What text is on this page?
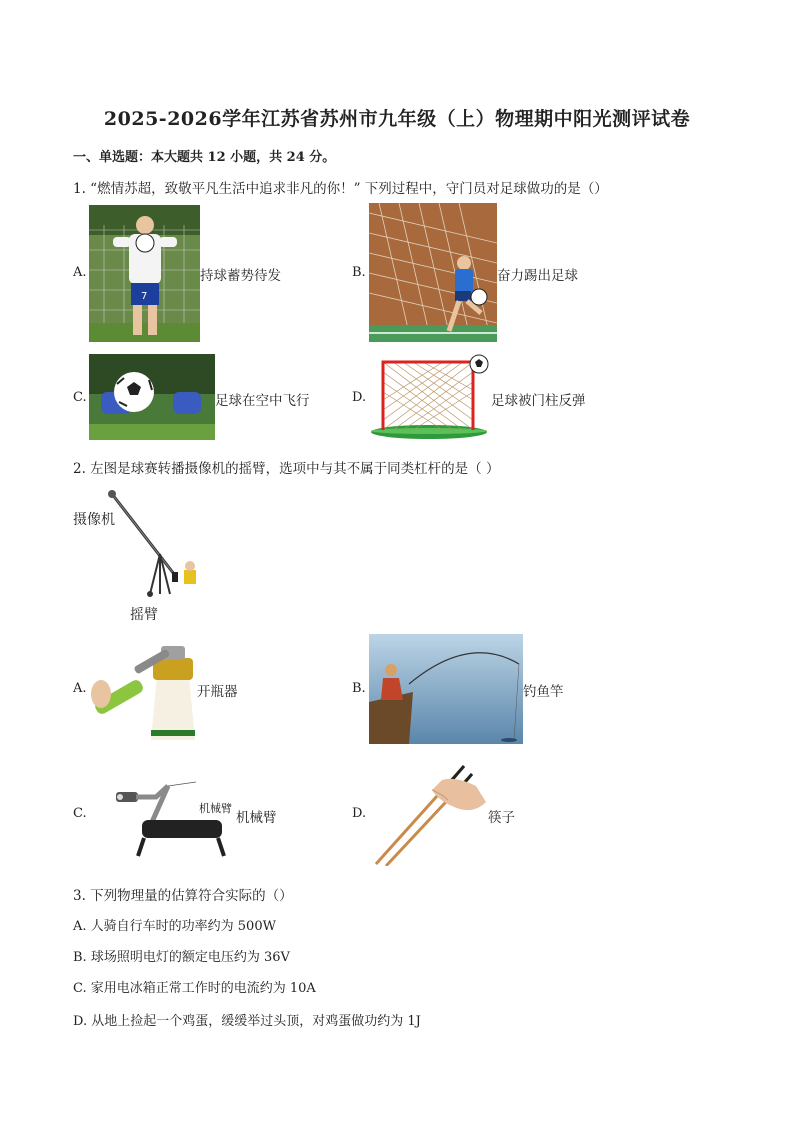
2025-2026学年江苏省苏州市九年级（上）物理期中阳光测评试卷
一、单选题：本大题共 12 小题，共 24 分。
1. “燃情苏超，致敬平凡生活中追求非凡的你！” 下列过程中，守门员对足球做功的是（）
A.
7
持球蓄势待发	B.	奋力踢出足球
C.	足球在空中飞行	D.	足球被门柱反弹
2. 左图是球赛转播摄像机的摇臂，选项中与其不属于同类杠杆的是（ ）
摄像机
摇臂
A.	开瓶器	B.	钓鱼竿
C.	机械臂
机械臂	D.	筷子
3. 下列物理量的估算符合实际的（）
A. 人骑自行车时的功率约为 500W
B. 球场照明电灯的额定电压约为 36V
C. 家用电冰箱正常工作时的电流约为 10A
D. 从地上捡起一个鸡蛋，缓缓举过头顶，对鸡蛋做功约为 1J
